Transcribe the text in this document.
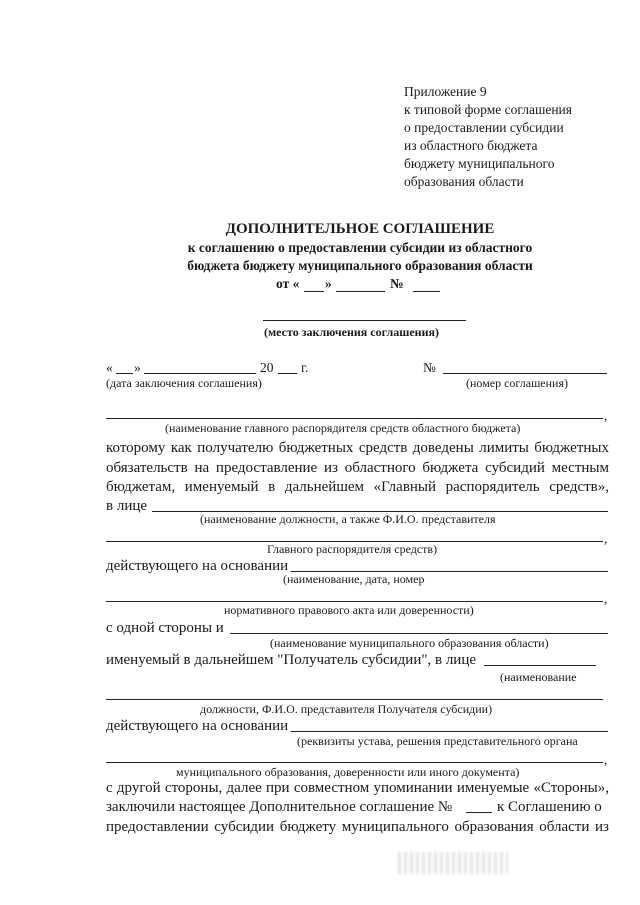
Приложение 9
к типовой форме соглашения
о предоставлении субсидии
из областного бюджета
бюджету муниципального
образования области
ДОПОЛНИТЕЛЬНОЕ СОГЛАШЕНИЕ
к соглашению о предоставлении субсидии из областного
бюджета бюджету муниципального образования области
от « »	№
(место заключения соглашения)
« »	20 г.	№
(дата заключения соглашения)	(номер соглашения)
,
(наименование главного распорядителя средств областного бюджета)
которому как получателю бюджетных средств доведены лимиты бюджетных
обязательств на предоставление из областного бюджета субсидий местным
бюджетам, именуемый в дальнейшем «Главный распорядитель средств»,
в лице
(наименование должности, а также Ф.И.О. представителя
,
Главного распорядителя средств)
действующего на основании
(наименование, дата, номер
,
нормативного правового акта или доверенности)
с одной стороны и
(наименование муниципального образования области)
именуемый в дальнейшем "Получатель субсидии", в лице
(наименование
должности, Ф.И.О. представителя Получателя субсидии)
действующего на основании
(реквизиты устава, решения представительного органа
,
муниципального образования, доверенности или иного документа)
с другой стороны, далее при совместном упоминании именуемые «Стороны»,
заключили настоящее Дополнительное соглашение №	к Соглашению о
предоставлении субсидии бюджету муниципального образования области из
